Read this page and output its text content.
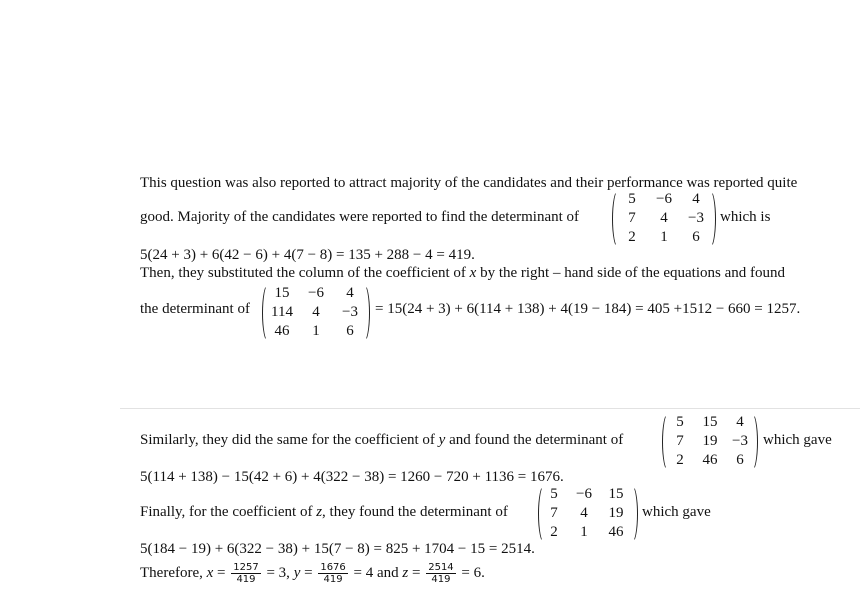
This question was also reported to attract majority of the candidates and their performance was reported quite
good. Majority of the candidates were reported to find the determinant of
5	−6	4
7	4	−3
2	1	6
which is
5(24 + 3) + 6(42 − 6) + 4(7 − 8) = 135 + 288 − 4 = 419.
Then, they substituted the column of the coefficient of x by the right – hand side of the equations and found
the determinant of
15	−6	4
114	4	−3
46	1	6
= 15(24 + 3) + 6(114 + 138) + 4(19 − 184) = 405 +1512 − 660 = 1257.
Similarly, they did the same for the coefficient of y and found the determinant of
5	15	4
7	19 −3
2	46	6
which gave
5(114 + 138) − 15(42 + 6) + 4(322 − 38) = 1260 − 720 + 1136 = 1676.
Finally, for the coefficient of z, they found the determinant of
5	−6	15
7	4	19
2	1	46
which gave
5(184 − 19) + 6(322 − 38) + 15(7 − 8) = 825 + 1704 − 15 = 2514.
Therefore, $x = \frac{1257}{419} = 3$, $y = \frac{1676}{419} = 4$ and $z = \frac{2514}{419} = 6$.
